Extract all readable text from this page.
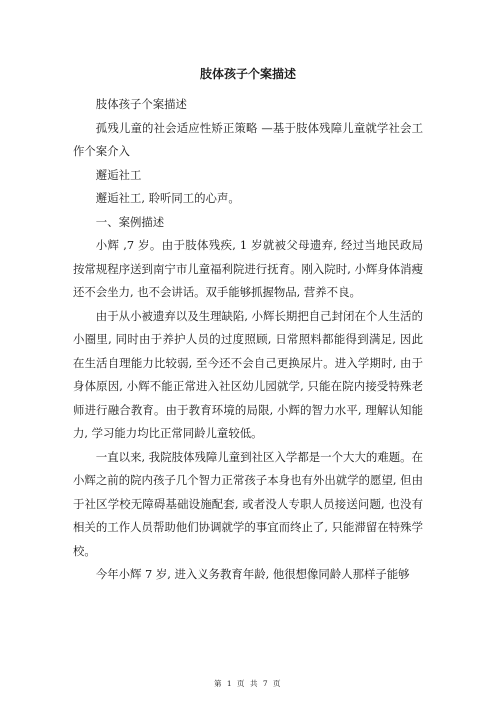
肢体孩子个案描述

肢体孩子个案描述

孤残儿童的社会适应性矫正策略 —基于肢体残障儿童就学社会工作个案介入

邂逅社工

邂逅社工, 聆听同工的心声。

一、案例描述

小辉 ,7 岁。由于肢体残疾, 1 岁就被父母遗弃, 经过当地民政局按常规程序送到南宁市儿童福利院进行抚育。刚入院时, 小辉身体消瘦还不会坐力, 也不会讲话。双手能够抓握物品, 营养不良。

由于从小被遗弃以及生理缺陷, 小辉长期把自己封闭在个人生活的小圈里, 同时由于养护人员的过度照顾, 日常照料都能得到满足, 因此在生活自理能力比较弱, 至今还不会自己更换尿片。进入学期时, 由于身体原因, 小辉不能正常进入社区幼儿园就学, 只能在院内接受特殊老师进行融合教育。由于教育环境的局限, 小辉的智力水平, 理解认知能力, 学习能力均比正常同龄儿童较低。

一直以来, 我院肢体残障儿童到社区入学都是一个大大的难题。在小辉之前的院内孩子几个智力正常孩子本身也有外出就学的愿望, 但由于社区学校无障碍基础设施配套, 或者没人专职人员接送问题, 也没有相关的工作人员帮助他们协调就学的事宜而终止了, 只能滞留在特殊学校。

今年小辉 7 岁, 进入义务教育年龄, 他很想像同龄人那样子能够

第 1 页 共 7 页
